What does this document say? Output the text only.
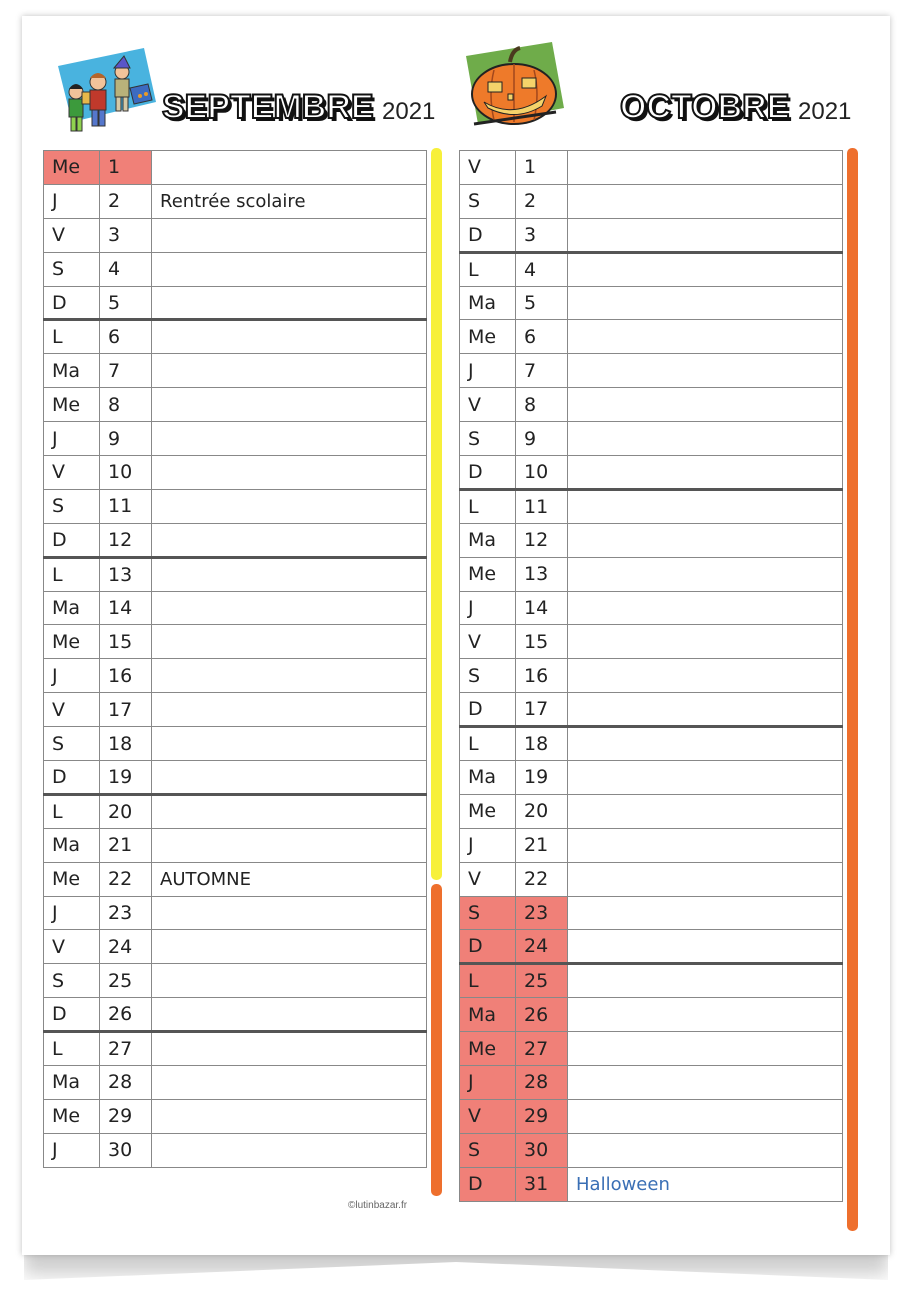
SEPTEMBRE 2021	OCTOBRE 2021
Me	1	
J	2	Rentrée scolaire
V	3	
S	4	
D	5	
L	6	
Ma	7	
Me	8	
J	9	
V	10	
S	11	
D	12	
L	13	
Ma	14	
Me	15	
J	16	
V	17	
S	18	
D	19	
L	20	
Ma	21	
Me	22	AUTOMNE
J	23	
V	24	
S	25	
D	26	
L	27	
Ma	28	
Me	29	
J	30	
©lutinbazar.fr
V	1	
S	2	
D	3	
L	4	
Ma	5	
Me	6	
J	7	
V	8	
S	9	
D	10	
L	11	
Ma	12	
Me	13	
J	14	
V	15	
S	16	
D	17	
L	18	
Ma	19	
Me	20	
J	21	
V	22	
S	23	
D	24	
L	25	
Ma	26	
Me	27	
J	28	
V	29	
S	30	
D	31	Halloween
